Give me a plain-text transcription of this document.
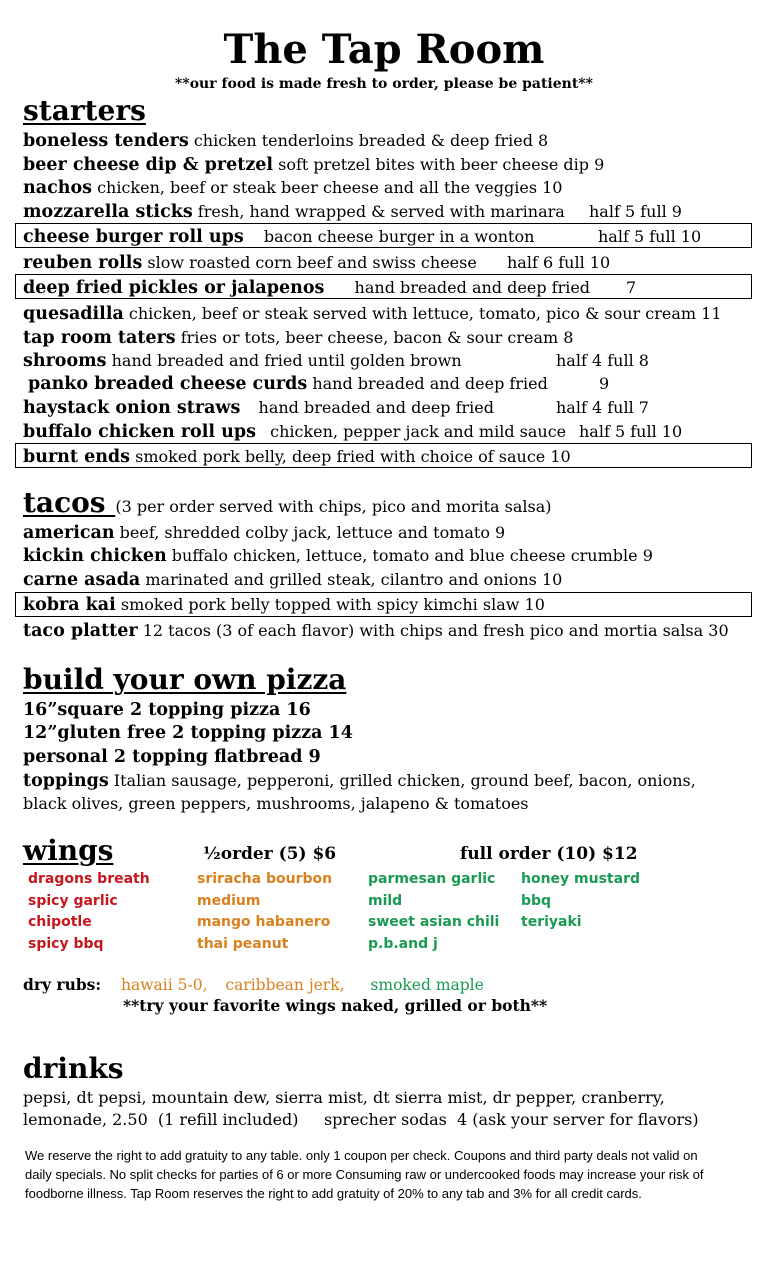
The Tap Room
**our food is made fresh to order, please be patient**
starters
boneless tenders chicken tenderloins breaded & deep fried 8
beer cheese dip & pretzel soft pretzel bites with beer cheese dip 9
nachos chicken, beef or steak beer cheese and all the veggies 10
mozzarella sticks fresh, hand wrapped & served with marinara half 5 full 9
cheese burger roll ups bacon cheese burger in a wonton	half 5 full 10
reuben rolls slow roasted corn beef and swiss cheese half 6 full 10
deep fried pickles or jalapenos hand breaded and deep fried 7
quesadilla chicken, beef or steak served with lettuce, tomato, pico & sour cream 11
tap room taters fries or tots, beer cheese, bacon & sour cream 8
shrooms hand breaded and fried until golden brown	half 4 full 8
panko breaded cheese curds hand breaded and deep fried	9
haystack onion straws hand breaded and deep fried	half 4 full 7
buffalo chicken roll ups chicken, pepper jack and mild sauce half 5 full 10
burnt ends smoked pork belly, deep fried with choice of sauce 10
tacos (3 per order served with chips, pico and morita salsa)
american beef, shredded colby jack, lettuce and tomato 9
kickin chicken buffalo chicken, lettuce, tomato and blue cheese crumble 9
carne asada marinated and grilled steak, cilantro and onions 10
kobra kai smoked pork belly topped with spicy kimchi slaw 10
taco platter 12 tacos (3 of each flavor) with chips and fresh pico and mortia salsa 30
build your own pizza
16”square 2 topping pizza 16
12”gluten free 2 topping pizza 14
personal 2 topping flatbread 9
toppings Italian sausage, pepperoni, grilled chicken, ground beef, bacon, onions,
black olives, green peppers, mushrooms, jalapeno & tomatoes
wings	½order (5) $6	full order (10) $12
dragons breath
spicy garlic
chipotle
spicy bbq
sriracha bourbon
medium
mango habanero
thai peanut
parmesan garlic
mild
sweet asian chili
p.b.and j
honey mustard
bbq
teriyaki
dry rubs: hawaii 5-0, caribbean jerk, smoked maple
**try your favorite wings naked, grilled or both**
drinks
pepsi, dt pepsi, mountain dew, sierra mist, dt sierra mist, dr pepper, cranberry,
lemonade, 2.50  (1 refill included)     sprecher sodas  4 (ask your server for flavors)
We reserve the right to add gratuity to any table. only 1 coupon per check. Coupons and third party deals not valid on daily specials. No split checks for parties of 6 or more Consuming raw or undercooked foods may increase your risk of foodborne illness. Tap Room reserves the right to add gratuity of 20% to any tab and 3% for all credit cards.
